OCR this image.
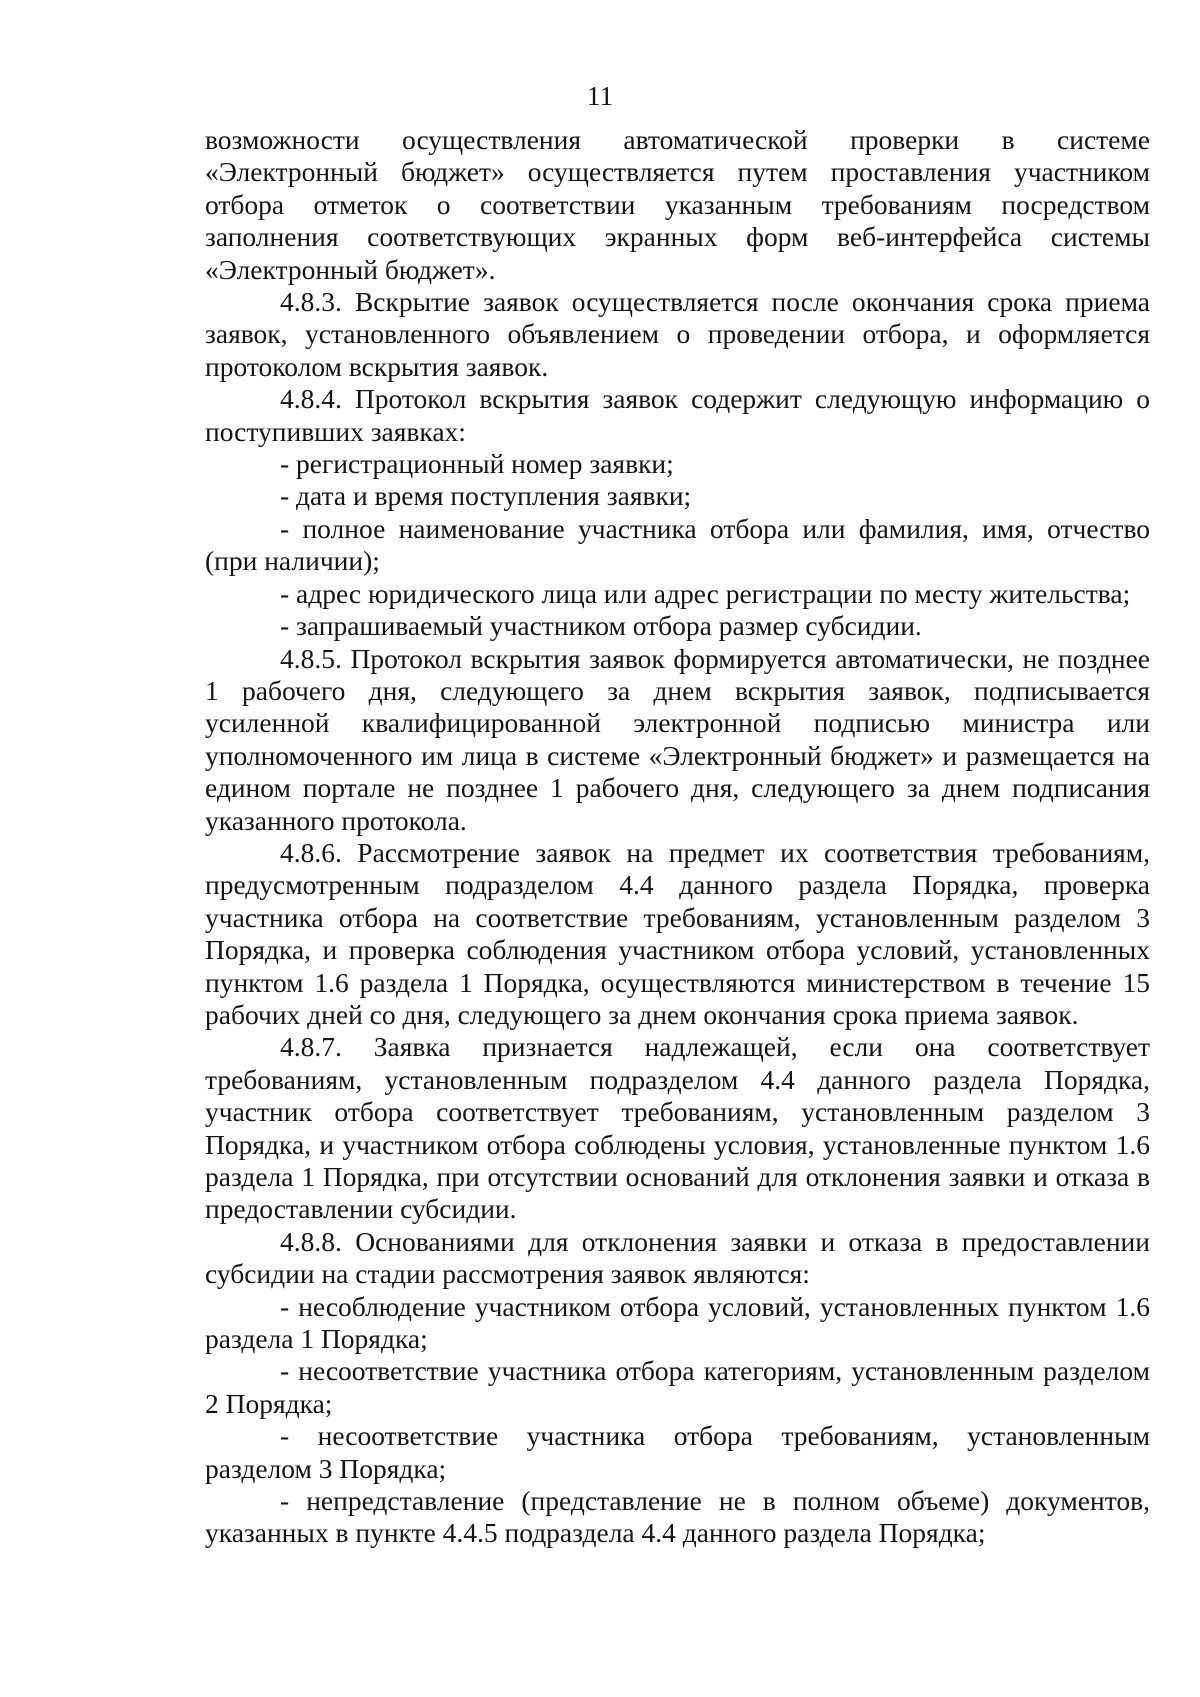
11

возможности осуществления автоматической проверки в системе «Электронный бюджет» осуществляется путем проставления участником отбора отметок о соответствии указанным требованиям посредством заполнения соответствующих экранных форм веб-интерфейса системы «Электронный бюджет».

4.8.3. Вскрытие заявок осуществляется после окончания срока приема заявок, установленного объявлением о проведении отбора, и оформляется протоколом вскрытия заявок.

4.8.4. Протокол вскрытия заявок содержит следующую информацию о поступивших заявках:

- регистрационный номер заявки;

- дата и время поступления заявки;

- полное наименование участника отбора или фамилия, имя, отчество (при наличии);

- адрес юридического лица или адрес регистрации по месту жительства;

- запрашиваемый участником отбора размер субсидии.

4.8.5. Протокол вскрытия заявок формируется автоматически, не позднее 1 рабочего дня, следующего за днем вскрытия заявок, подписывается усиленной квалифицированной электронной подписью министра или уполномоченного им лица в системе «Электронный бюджет» и размещается на едином портале не позднее 1 рабочего дня, следующего за днем подписания указанного протокола.

4.8.6. Рассмотрение заявок на предмет их соответствия требованиям, предусмотренным подразделом 4.4 данного раздела Порядка, проверка участника отбора на соответствие требованиям, установленным разделом 3 Порядка, и проверка соблюдения участником отбора условий, установленных пунктом 1.6 раздела 1 Порядка, осуществляются министерством в течение 15 рабочих дней со дня, следующего за днем окончания срока приема заявок.

4.8.7. Заявка признается надлежащей, если она соответствует требованиям, установленным подразделом 4.4 данного раздела Порядка, участник отбора соответствует требованиям, установленным разделом 3 Порядка, и участником отбора соблюдены условия, установленные пунктом 1.6 раздела 1 Порядка, при отсутствии оснований для отклонения заявки и отказа в предоставлении субсидии.

4.8.8. Основаниями для отклонения заявки и отказа в предоставлении субсидии на стадии рассмотрения заявок являются:

- несоблюдение участником отбора условий, установленных пунктом 1.6 раздела 1 Порядка;

- несоответствие участника отбора категориям, установленным разделом 2 Порядка;

- несоответствие участника отбора требованиям, установленным разделом 3 Порядка;

- непредставление (представление не в полном объеме) документов, указанных в пункте 4.4.5 подраздела 4.4 данного раздела Порядка;
